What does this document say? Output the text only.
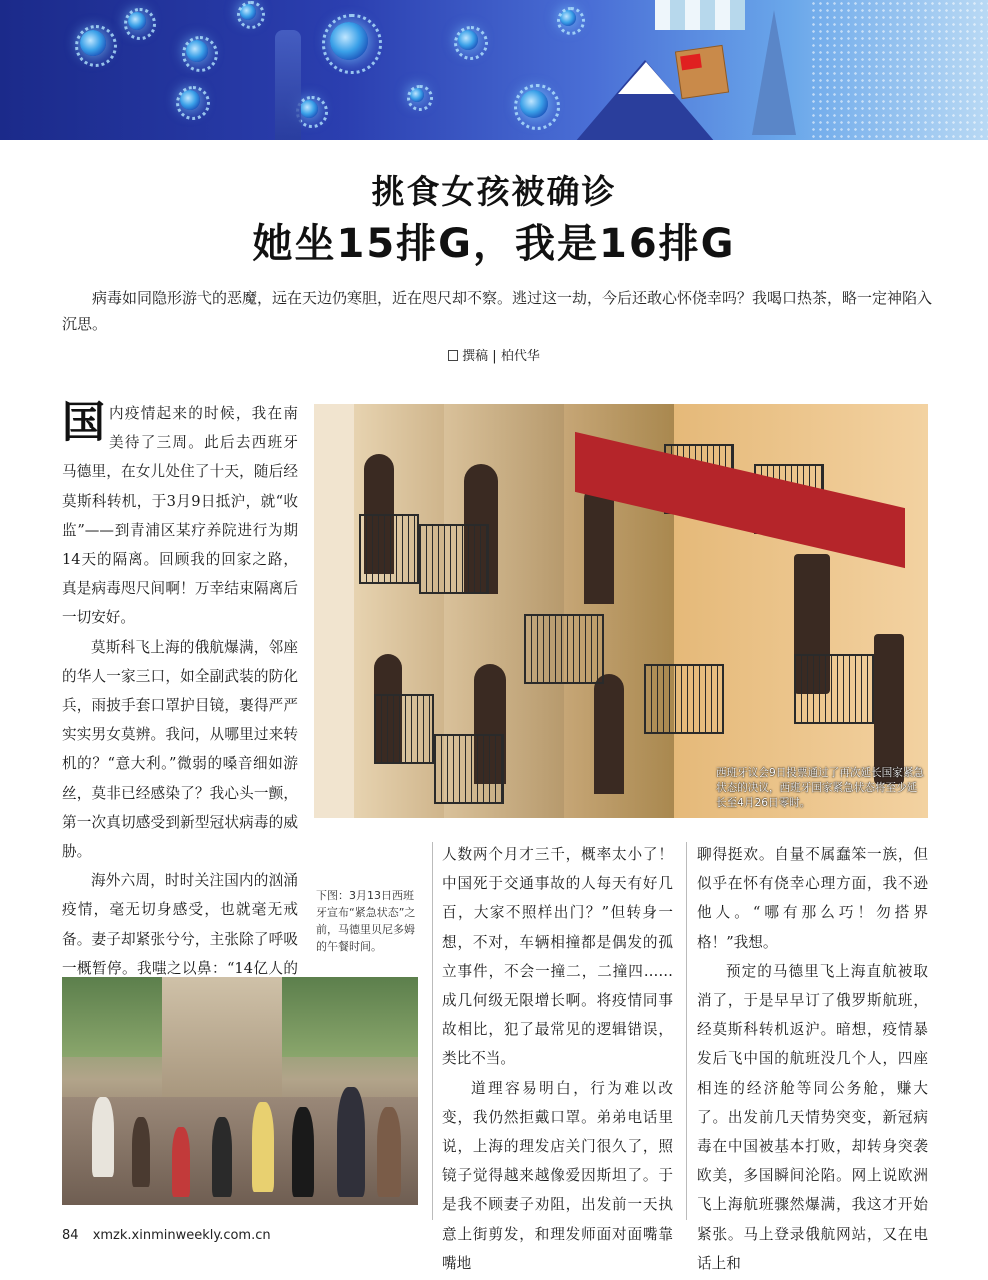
挑食女孩被确诊
她坐15排G，我是16排G

病毒如同隐形游弋的恶魔，远在天边仍寒胆，近在咫尺却不察。逃过这一劫，今后还敢心怀侥幸吗？我喝口热茶，略一定神陷入沉思。

撰稿 | 柏代华

国内疫情起来的时候，我在南美待了三周。此后去西班牙马德里，在女儿处住了十天，随后经莫斯科转机，于3月9日抵沪，就“收监”——到青浦区某疗养院进行为期14天的隔离。回顾我的回家之路，真是病毒咫尺间啊！万幸结束隔离后一切安好。

莫斯科飞上海的俄航爆满，邻座的华人一家三口，如全副武装的防化兵，雨披手套口罩护目镜，裹得严严实实男女莫辨。我问，从哪里过来转机的？“意大利。”微弱的嗓音细如游丝，莫非已经感染了？我心头一颤，第一次真切感受到新型冠状病毒的威胁。

海外六周，时时关注国内的汹涌疫情，毫无切身感受，也就毫无戒备。妻子却紧张兮兮，主张除了呼吸一概暂停。我嗤之以鼻：“14亿人的

西班牙议会9日投票通过了再次延长国家紧急状态的决议，西班牙国家紧急状态将至少延长至4月26日零时。

下图：3月13日西班牙宣布“紧急状态”之前，马德里贝尼多姆的午餐时间。

人数两个月才三千，概率太小了！中国死于交通事故的人每天有好几百，大家不照样出门？”但转身一想，不对，车辆相撞都是偶发的孤立事件，不会一撞二，二撞四……成几何级无限增长啊。将疫情同事故相比，犯了最常见的逻辑错误，类比不当。

道理容易明白，行为难以改变，我仍然拒戴口罩。弟弟电话里说，上海的理发店关门很久了，照镜子觉得越来越像爱因斯坦了。于是我不顾妻子劝阻，出发前一天执意上街剪发，和理发师面对面嘴靠嘴地

聊得挺欢。自量不属蠢笨一族，但似乎在怀有侥幸心理方面，我不逊他人。“哪有那么巧！勿搭界格！”我想。

预定的马德里飞上海直航被取消了，于是早早订了俄罗斯航班，经莫斯科转机返沪。暗想，疫情暴发后飞中国的航班没几个人，四座相连的经济舱等同公务舱，赚大了。出发前几天情势突变，新冠病毒在中国被基本打败，却转身突袭欧美，多国瞬间沦陷。网上说欧洲飞上海航班骤然爆满，我这才开始紧张。马上登录俄航网站，又在电话上和

84 xmzk.xinminweekly.com.cn
